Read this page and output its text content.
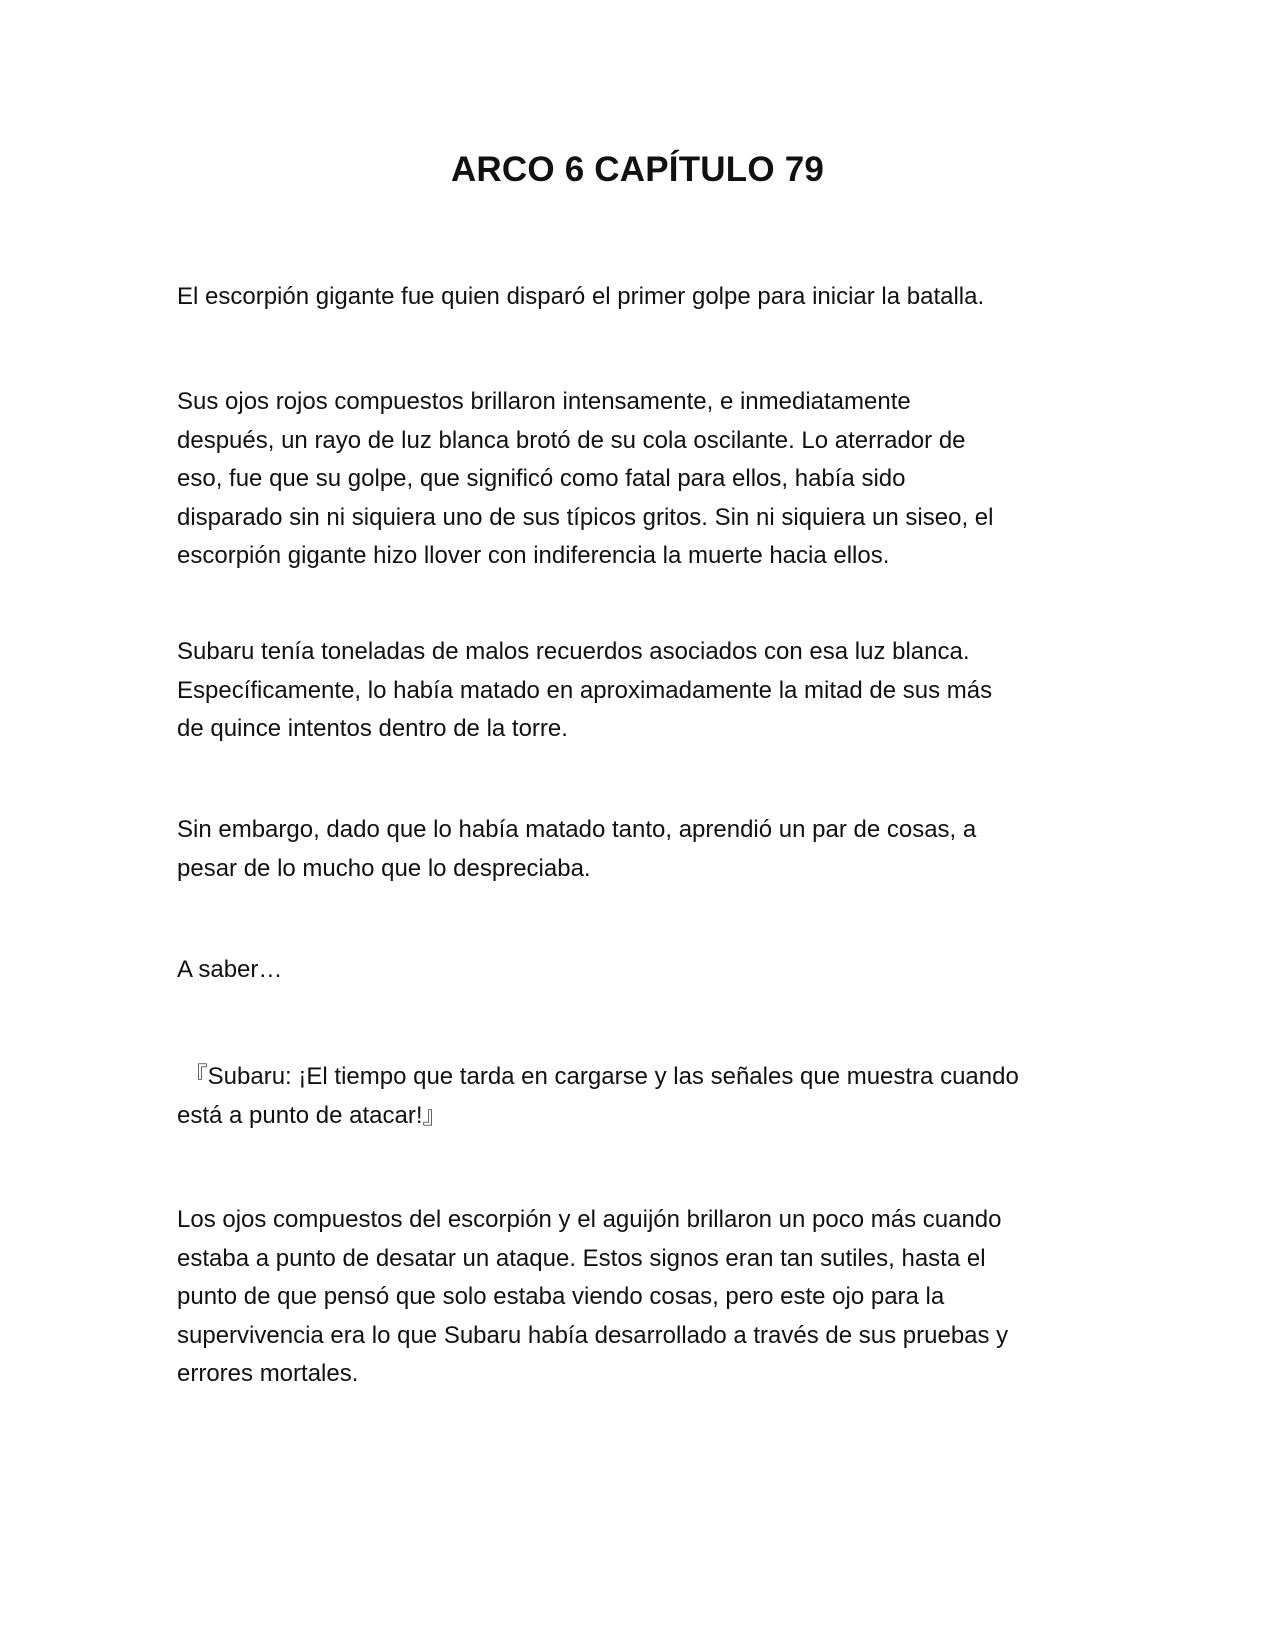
ARCO 6 CAPÍTULO 79

El escorpión gigante fue quien disparó el primer golpe para iniciar la batalla.

Sus ojos rojos compuestos brillaron intensamente, e inmediatamente
después, un rayo de luz blanca brotó de su cola oscilante. Lo aterrador de
eso, fue que su golpe, que significó como fatal para ellos, había sido
disparado sin ni siquiera uno de sus típicos gritos. Sin ni siquiera un siseo, el
escorpión gigante hizo llover con indiferencia la muerte hacia ellos.

Subaru tenía toneladas de malos recuerdos asociados con esa luz blanca.
Específicamente, lo había matado en aproximadamente la mitad de sus más
de quince intentos dentro de la torre.

Sin embargo, dado que lo había matado tanto, aprendió un par de cosas, a
pesar de lo mucho que lo despreciaba.

A saber…

『Subaru: ¡El tiempo que tarda en cargarse y las señales que muestra cuando
está a punto de atacar!』

Los ojos compuestos del escorpión y el aguijón brillaron un poco más cuando
estaba a punto de desatar un ataque. Estos signos eran tan sutiles, hasta el
punto de que pensó que solo estaba viendo cosas, pero este ojo para la
supervivencia era lo que Subaru había desarrollado a través de sus pruebas y
errores mortales.
